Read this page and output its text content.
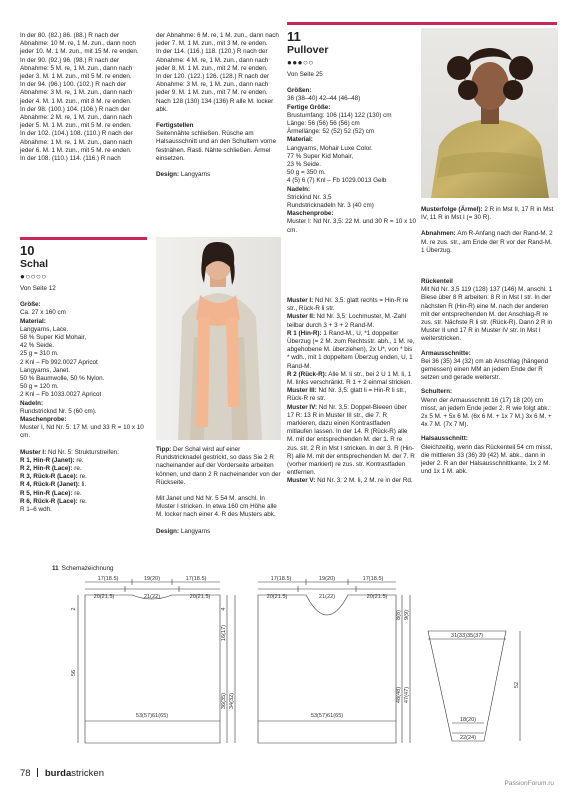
In der 80. (82.) 86. (88.) R nach der Abnahme: 10 M. re, 1 M. zun., dann noch jeder 10. M. 1 M. zun., mit 15 M. re enden.

In der 90. (92.) 96. (98.) R nach der Abnahme: 5 M. re, 1 M. zun., dann nach jeder 3. M. 1 M. zun., mit 5 M. re enden.

In der 94. (96.) 100. (102.) R nach der Abnahme: 3 M. re, 1 M. zun., dann nach jeder 4. M. 1 M. zun., mit 8 M. re enden.

In der 98. (100.) 104. (106.) R nach der Abnahme: 2 M. re, 1 M. zun., dann nach jeder 5. M. 1 M. zun., mit 5 M. re enden.

In der 102. (104.) 108. (110.) R nach der Abnahme: 1 M. re, 1 M. zun., dann nach jeder 6. M. 1 M. zun., mit 5 M. re enden.

In der 108. (110.) 114. (116.) R nach

der Abnahme: 6 M. re, 1 M. zun., dann nach jeder 7. M. 1 M. zun., mit 3 M. re enden.

In der 114. (116.) 118. (120.) R nach der Abnahme: 4 M. re, 1 M. zun., dann nach jeder 8. M. 1 M. zun., mit 2 M. re enden.

In der 120. (122.) 126. (128.) R nach der Abnahme: 3 M. re, 1 M. zun., dann nach jeder 9. M. 1 M. zun., mit 7 M. re enden.

Nach 128 (130) 134 (136) R alle M. locker abk.

Fertigstellen

Seitennähte schließen. Rüsche am Halsausschnitt und an den Schultern vorne festnähen. Rasti. Nähte schließen. Ärmel einsetzen.

Design: Langyarns

11
Pullover
●●●○○

Von Seite 25

Größen:

36 (38–40) 42–44 (46–48)

Fertige Größe:

Brustumfang: 106 (114) 122 (130) cm
Länge: 56 (56) 56 (56) cm
Ärmellänge: 52 (52) 52 (52) cm

Material:

Langyarns, Mohair Luxe Color.
77 % Super Kid Mohair,
23 % Seide.
50 g = 350 m.
4 (5) 6 (7) Knl – Fb 1029.0013 Gelb

Nadeln:

Strickind Nr. 3,5
Rundstricknadeln Nr. 3 (40 cm)

Maschenprobe:

Muster I: Nd Nr. 3,5: 22 M. und 30 R = 10 x 10 cm.

Musterfolge (Ärmel): 2 R in Mst II, 17 R in Mst IV, 11 R in Mst I (= 30 R).

Abnahmen: Am R-Anfang nach der Rand-M. 2 M. re zus. str., am Ende der R vor der Rand-M. 1 Überzug.

10
Schal
●○○○○

Von Seite 12

Größe:

Ca. 27 x 160 cm

Material:

Langyarns, Lace.
58 % Super Kid Mohair,
42 % Seide.
25 g = 310 m.
2 Knl – Fb 992.0027 Apricot
Langyarns, Janet.
50 % Baumwolle, 50 % Nylon.
50 g = 120 m.
2 Knl – Fb 1033.0027 Apricot

Nadeln:

Rundstricknd Nr. 5 (60 cm).

Maschenprobe:

Muster I, Nd Nr. 5: 17 M. und 33 R = 10 x 10 cm.

Muster I: Nd Nr. 5: Strukturstreifen:

R 1, Hin-R (Janet): re.

R 2, Hin-R (Lace): re.

R 3, Rück-R (Lace): re.

R 4, Rück-R (Janet): li.

R 5, Hin-R (Lace): re.

R 6, Rück-R (Lace): re.

R 1–6 wdh.

Tipp: Der Schal wird auf einer Rundstricknadel gestrickt, so dass Sie 2 R nacheinander auf der Vorderseite arbeiten können, und dann 2 R nacheinander von der Rückseite.

Mit Janet und Nd Nr. 5 54 M. anschl. In Muster I stricken. In etwa 160 cm Höhe alle M. locker nach einer 4. R des Musters abk.

Design: Langyarns

Muster I: Nd Nr. 3,5: glatt rechts = Hin-R re str., Rück-R li str.

Muster II: Nd Nr. 3,5: Lochmuster, M.-Zahl teilbar durch 3 + 3 + 2 Rand-M.

R 1 (Hin-R): 1 Rand-M., U, *1 doppelter Überzug (= 2 M. zum Rechtsstr. abh., 1 M. re, abgehobene M. überziehen), 2x U*, von * bis * wdh., mit 1 doppeltem Überzug enden, U, 1 Rand-M.

R 2 (Rück-R): Alle M. li str., bei 2 U 1 M. li, 1 M. links verschränkt. R 1 + 2 einmal stricken.

Muster III: Nd Nr. 3,5: glatt li = Hin-R li str., Rück-R re str.

Muster IV: Nd Nr. 3,5: Doppel-Bleeen über 17 R: 13 R in Muster III str., die 7. R markieren, dazu einen Kontrastfaden mitlaufen lassen. In der 14. R (Rück-R) alle M. mit der entsprechenden M. der 1. R re zus. str. 2 R in Mst I stricken. In der 3. R (Hin-R) alle M. mit der entsprechenden M. der 7. R (vorher markiert) re zus. str. Kontrastfaden entfernen.

Muster V: Nd Nr. 3: 2 M. li, 2 M. re in der Rd.

Rückenteil
Mit Nd Nr. 3,5 119 (128) 137 (146) M. anschl. 1 Biese über 8 R arbeiten: 8 R in Mst I str. In der nächsten R (Hin-R) eine M. nach der anderen mit der entsprechenden M. der Anschlag-R re zus. str. Nächste R li str. (Rück-R). Dann 2 R in Muster II und 17 R in Muster IV str. In Mst I weiterstricken.

Armausschnitte:
Bei 36 (35) 34 (32) cm ab Anschlag (hängend gemessen) einen MM an jedem Ende der R setzen und gerade weiterstr.

Schultern:
Wenn der Armausschnitt 16 (17) 18 (20) cm misst, an jedem Ende jeder 2. R wie folgt abk.: 2x 5 M. + 5x 6 M. (6x 6 M. + 1x 7 M.) 3x 6 M. + 4x 7 M. (7x 7 M).

Halsausschnitt:
Gleichzeitig, wenn das Rückenteil 54 cm misst, die mittleren 33 (36) 39 (42) M. abk., dann in jeder 2. R an der Halsausschnittkante, 1x 2 M. und 1x 1 M. abk.

11 Schemazeichnung
17(18.5)	19(20)	17(18.5)
20(21.5)	21(22)	20(21.5)
56
53(57)61(65)
4
16(17)
36(35) 34(32)
2
17(18.5)	19(20)	17(18.5)
20(21.5)	21(22)	20(21.5)
53(57)61(65)
8(8) 9(9)
48(48) 47(47)
31(33)35(37)
52
18(20)
22(24)
78 burdastricken
PassionForum.ru
